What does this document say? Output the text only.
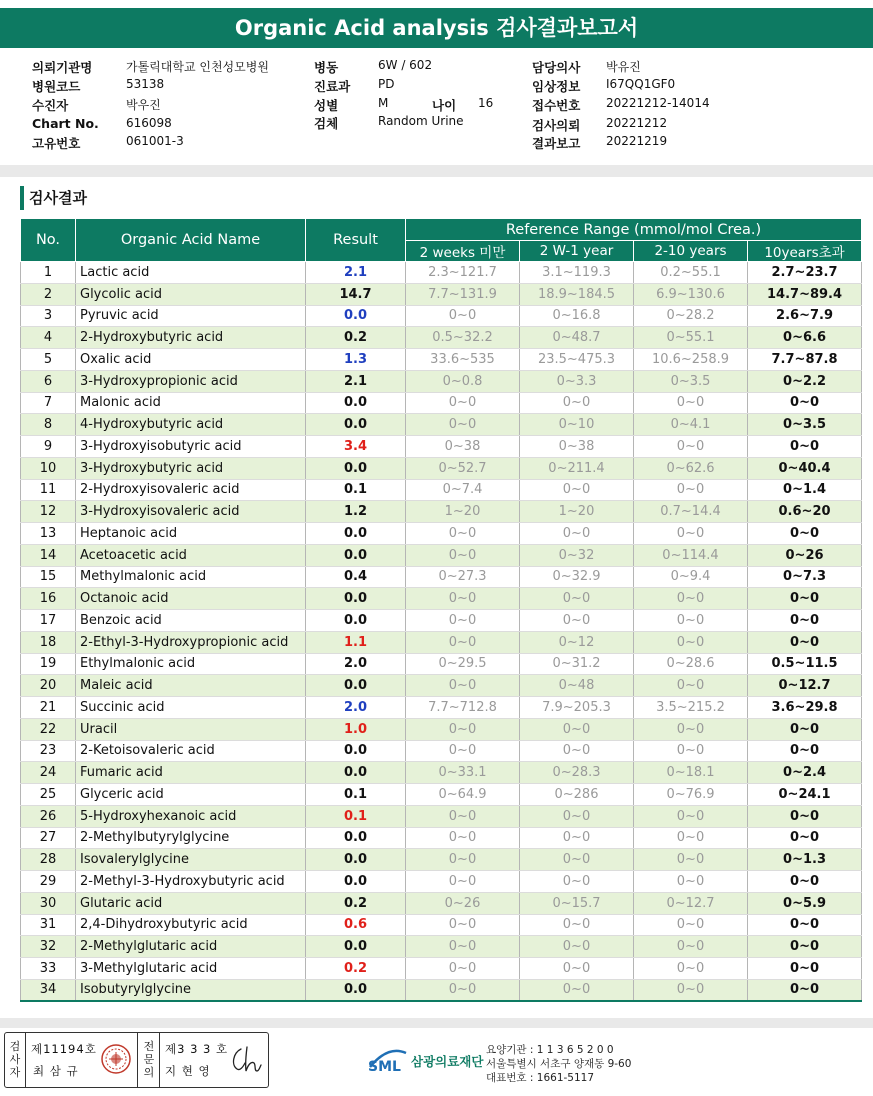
Organic Acid analysis 검사결과보고서
의뢰기관명	가톨릭대학교 인천성모병원
병원코드	53138
수진자	박우진
Chart No. 616098
고유번호	061001-3
병동	6W / 602
진료과 PD
성별	M	나이 16
검체	Random Urine
담당의사 박유진
임상정보 I67QQ1GF0
접수번호 20221212-14014
검사의뢰 20221212
결과보고 20221219
검사결과
No.	Organic Acid Name	Result	Reference Range (mmol/mol Crea.)			
			2 weeks 미만	2 W-1 year	2-10 years	10years초과
1	Lactic acid	2.1	2.3~121.7	3.1~119.3	0.2~55.1	2.7~23.7
2	Glycolic acid	14.7	7.7~131.9	18.9~184.5	6.9~130.6	14.7~89.4
3	Pyruvic acid	0.0	0~0	0~16.8	0~28.2	2.6~7.9
4	2-Hydroxybutyric acid	0.2	0.5~32.2	0~48.7	0~55.1	0~6.6
5	Oxalic acid	1.3	33.6~535	23.5~475.3	10.6~258.9	7.7~87.8
6	3-Hydroxypropionic acid	2.1	0~0.8	0~3.3	0~3.5	0~2.2
7	Malonic acid	0.0	0~0	0~0	0~0	0~0
8	4-Hydroxybutyric acid	0.0	0~0	0~10	0~4.1	0~3.5
9	3-Hydroxyisobutyric acid	3.4	0~38	0~38	0~0	0~0
10	3-Hydroxybutyric acid	0.0	0~52.7	0~211.4	0~62.6	0~40.4
11	2-Hydroxyisovaleric acid	0.1	0~7.4	0~0	0~0	0~1.4
12	3-Hydroxyisovaleric acid	1.2	1~20	1~20	0.7~14.4	0.6~20
13	Heptanoic acid	0.0	0~0	0~0	0~0	0~0
14	Acetoacetic acid	0.0	0~0	0~32	0~114.4	0~26
15	Methylmalonic acid	0.4	0~27.3	0~32.9	0~9.4	0~7.3
16	Octanoic acid	0.0	0~0	0~0	0~0	0~0
17	Benzoic acid	0.0	0~0	0~0	0~0	0~0
18	2-Ethyl-3-Hydroxypropionic acid	1.1	0~0	0~12	0~0	0~0
19	Ethylmalonic acid	2.0	0~29.5	0~31.2	0~28.6	0.5~11.5
20	Maleic acid	0.0	0~0	0~48	0~0	0~12.7
21	Succinic acid	2.0	7.7~712.8	7.9~205.3	3.5~215.2	3.6~29.8
22	Uracil	1.0	0~0	0~0	0~0	0~0
23	2-Ketoisovaleric acid	0.0	0~0	0~0	0~0	0~0
24	Fumaric acid	0.0	0~33.1	0~28.3	0~18.1	0~2.4
25	Glyceric acid	0.1	0~64.9	0~286	0~76.9	0~24.1
26	5-Hydroxyhexanoic acid	0.1	0~0	0~0	0~0	0~0
27	2-Methylbutyrylglycine	0.0	0~0	0~0	0~0	0~0
28	Isovalerylglycine	0.0	0~0	0~0	0~0	0~1.3
29	2-Methyl-3-Hydroxybutyric acid	0.0	0~0	0~0	0~0	0~0
30	Glutaric acid	0.2	0~26	0~15.7	0~12.7	0~5.9
31	2,4-Dihydroxybutyric acid	0.6	0~0	0~0	0~0	0~0
32	2-Methylglutaric acid	0.0	0~0	0~0	0~0	0~0
33	3-Methylglutaric acid	0.2	0~0	0~0	0~0	0~0
34	Isobutyrylglycine	0.0	0~0	0~0	0~0	0~0
검
사
자
제11194호
최 삼 규
전
문
의
제3 3 3 호
지 현 영	SML 삼광의료재단
요양기관 : 1 1 3 6 5 2 0 0
서울특별시 서초구 양재동 9-60
대표번호 : 1661-5117
